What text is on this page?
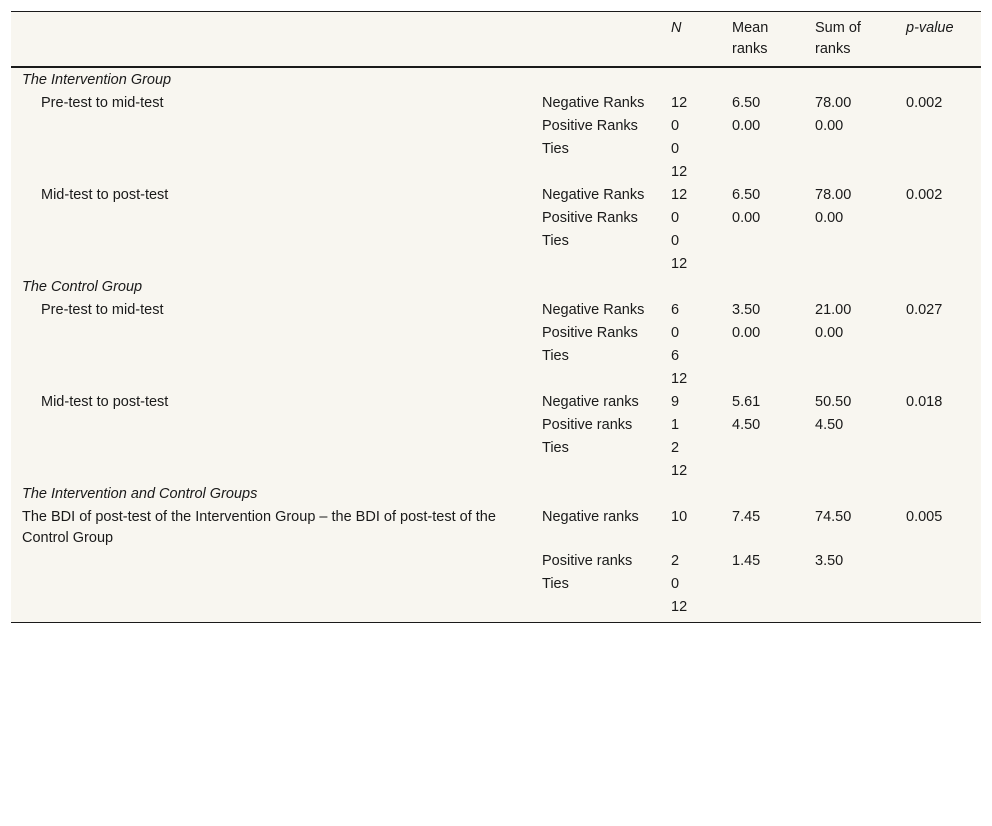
		N	Mean ranks	Sum of ranks	p-value
The Intervention Group					
Pre-test to mid-test	Negative Ranks	12	6.50	78.00	0.002
	Positive Ranks	0	0.00	0.00	
	Ties	0			
		12			
Mid-test to post-test	Negative Ranks	12	6.50	78.00	0.002
	Positive Ranks	0	0.00	0.00	
	Ties	0			
		12			
The Control Group					
Pre-test to mid-test	Negative Ranks	6	3.50	21.00	0.027
	Positive Ranks	0	0.00	0.00	
	Ties	6			
		12			
Mid-test to post-test	Negative ranks	9	5.61	50.50	0.018
	Positive ranks	1	4.50	4.50	
	Ties	2			
		12			
The Intervention and Control Groups					
The BDI of post-test of the Intervention Group – the BDI of post-test of the Control Group	Negative ranks	10	7.45	74.50	0.005
	Positive ranks	2	1.45	3.50	
	Ties	0			
		12			
